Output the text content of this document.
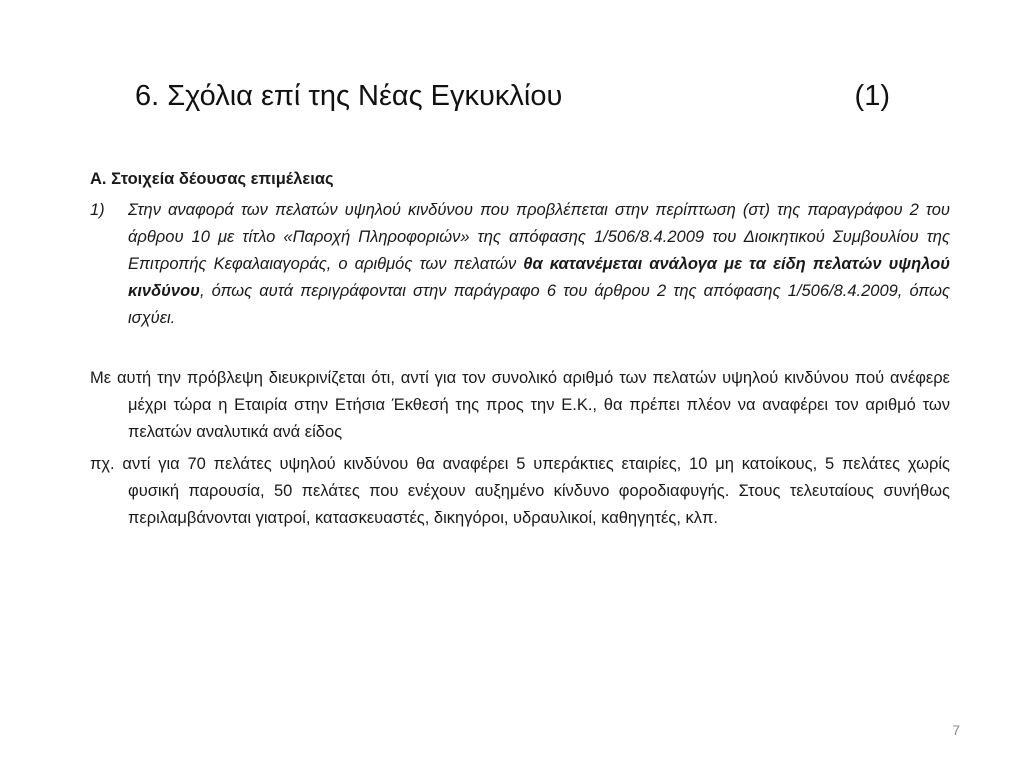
6. Σχόλια επί της Νέας Εγκυκλίου	(1)
Α. Στοιχεία δέουσας επιμέλειας
1)	Στην αναφορά των πελατών υψηλού κινδύνου που προβλέπεται στην περίπτωση (στ) της παραγράφου 2 του άρθρου 10 με τίτλο «Παροχή Πληροφοριών» της απόφασης 1/506/8.4.2009 του Διοικητικού Συμβουλίου της Επιτροπής Κεφαλαιαγοράς, ο αριθμός των πελατών θα κατανέμεται ανάλογα με τα είδη πελατών υψηλού κινδύνου, όπως αυτά περιγράφονται στην παράγραφο 6 του άρθρου 2 της απόφασης 1/506/8.4.2009, όπως ισχύει.
Με αυτή την πρόβλεψη διευκρινίζεται ότι, αντί για τον συνολικό αριθμό των πελατών υψηλού κινδύνου πού ανέφερε μέχρι τώρα η Εταιρία στην Ετήσια Έκθεσή της προς την Ε.Κ., θα πρέπει πλέον να αναφέρει τον αριθμό των πελατών αναλυτικά ανά είδος
πχ. αντί για 70 πελάτες υψηλού κινδύνου θα αναφέρει 5 υπεράκτιες εταιρίες, 10 μη κατοίκους, 5 πελάτες χωρίς φυσική παρουσία, 50 πελάτες που ενέχουν αυξημένο κίνδυνο φοροδιαφυγής. Στους τελευταίους συνήθως περιλαμβάνονται γιατροί, κατασκευαστές, δικηγόροι, υδραυλικοί, καθηγητές, κλπ.
7
